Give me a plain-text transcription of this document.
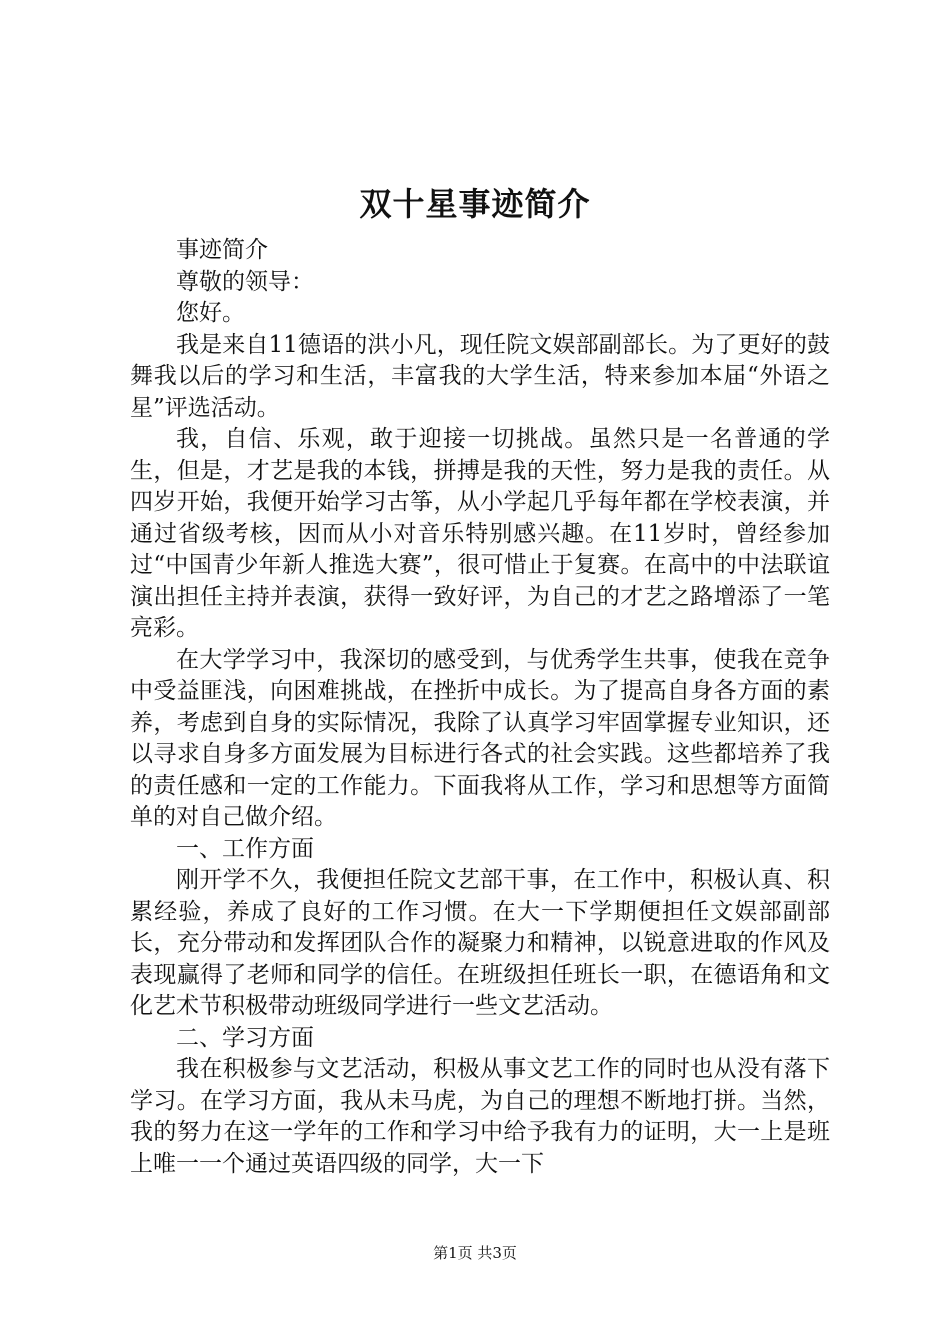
双十星事迹简介

事迹简介

尊敬的领导：

您好。

我是来自11德语的洪小凡，现任院文娱部副部长。为了更好的鼓舞我以后的学习和生活，丰富我的大学生活，特来参加本届“外语之星”评选活动。

我，自信、乐观，敢于迎接一切挑战。虽然只是一名普通的学生，但是，才艺是我的本钱，拼搏是我的天性，努力是我的责任。从四岁开始，我便开始学习古筝，从小学起几乎每年都在学校表演，并通过省级考核，因而从小对音乐特别感兴趣。在11岁时，曾经参加过“中国青少年新人推选大赛”，很可惜止于复赛。在高中的中法联谊演出担任主持并表演，获得一致好评，为自己的才艺之路增添了一笔亮彩。

在大学学习中，我深切的感受到，与优秀学生共事，使我在竞争中受益匪浅，向困难挑战，在挫折中成长。为了提高自身各方面的素养，考虑到自身的实际情况，我除了认真学习牢固掌握专业知识，还以寻求自身多方面发展为目标进行各式的社会实践。这些都培养了我的责任感和一定的工作能力。下面我将从工作，学习和思想等方面简单的对自己做介绍。

一、工作方面

刚开学不久，我便担任院文艺部干事，在工作中，积极认真、积累经验，养成了良好的工作习惯。在大一下学期便担任文娱部副部长，充分带动和发挥团队合作的凝聚力和精神，以锐意进取的作风及表现赢得了老师和同学的信任。在班级担任班长一职，在德语角和文化艺术节积极带动班级同学进行一些文艺活动。

二、学习方面

我在积极参与文艺活动，积极从事文艺工作的同时也从没有落下学习。在学习方面，我从未马虎，为自己的理想不断地打拼。当然，我的努力在这一学年的工作和学习中给予我有力的证明，大一上是班上唯一一个通过英语四级的同学，大一下

第1页 共3页
